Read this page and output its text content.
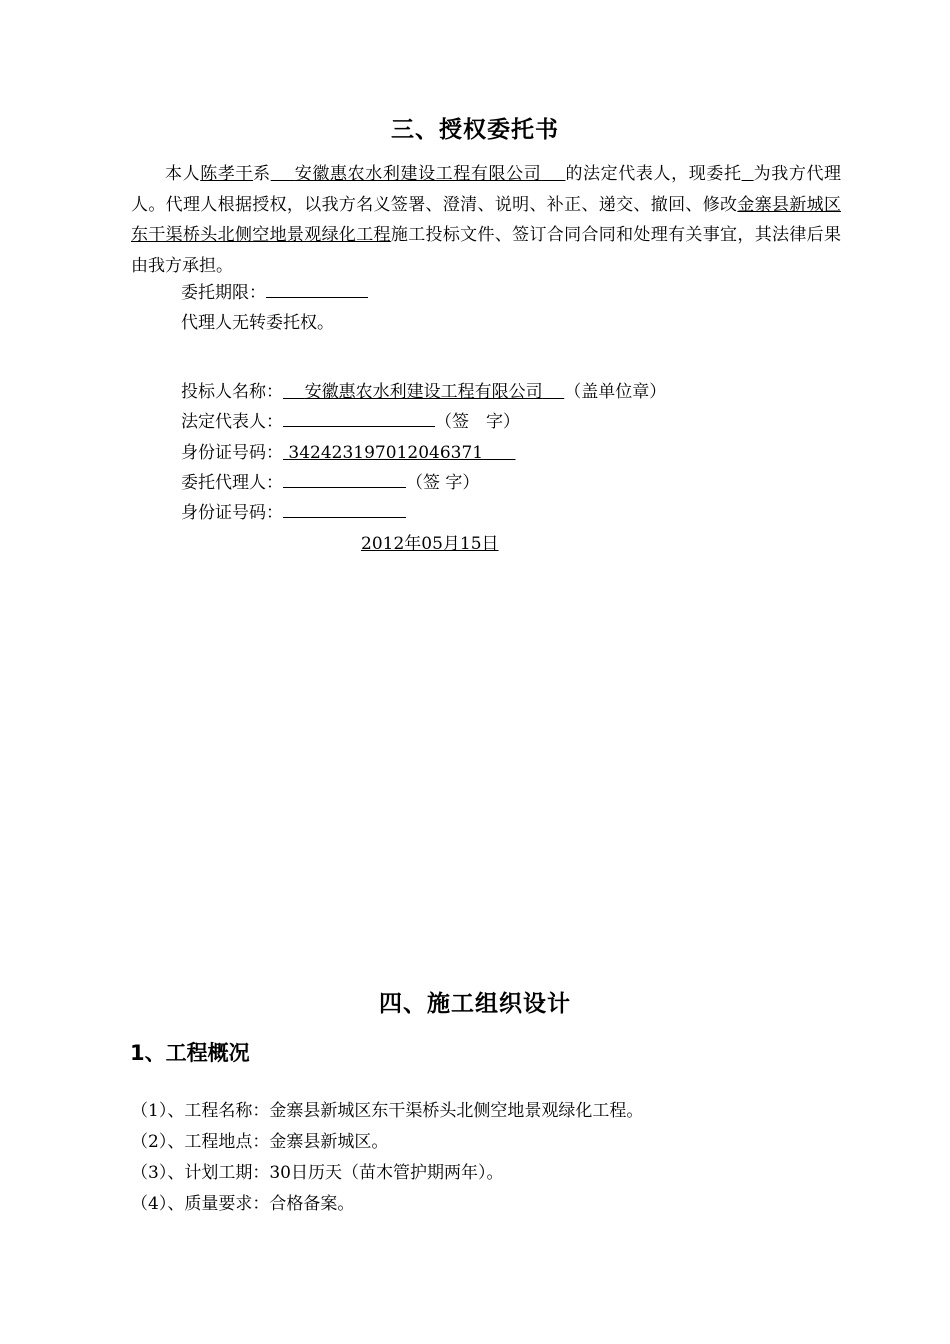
三、授权委托书
本人陈孝干系 安徽惠农水利建设工程有限公司 的法定代表人，现委托 为我方代理人。代理人根据授权，以我方名义签署、澄清、说明、补正、递交、撤回、修改金寨县新城区东干渠桥头北侧空地景观绿化工程施工投标文件、签订合同合同和处理有关事宜，其法律后果由我方承担。
委托期限：
代理人无转委托权。
投标人名称： 安徽惠农水利建设工程有限公司 （盖单位章）
法定代表人：	（签　字）
身份证号码： 342423197012046371
委托代理人：	（签 字）
身份证号码：
2012年05月15日
四、施工组织设计
1、工程概况
（1）、工程名称：金寨县新城区东干渠桥头北侧空地景观绿化工程。
（2）、工程地点：金寨县新城区。
（3）、计划工期：30日历天（苗木管护期两年）。
（4）、质量要求：合格备案。
